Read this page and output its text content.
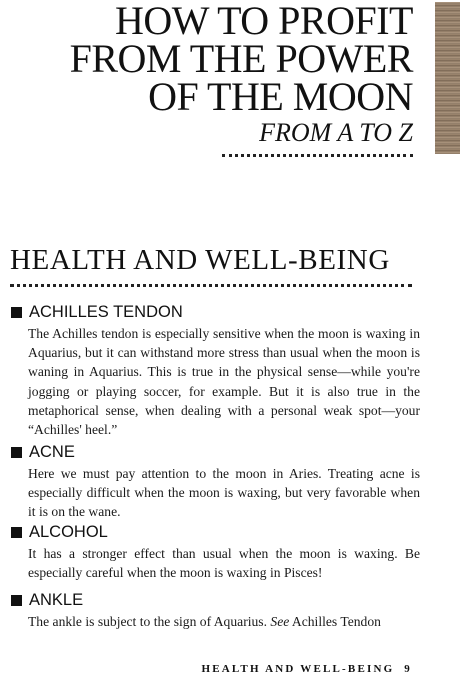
HOW TO PROFIT
FROM THE POWER
OF THE MOON
FROM A TO Z
HEALTH AND WELL-BEING
ACHILLES TENDON
The Achilles tendon is especially sensitive when the moon is waxing in Aquarius, but it can withstand more stress than usual when the moon is waning in Aquarius. This is true in the physical sense—while you're jogging or playing soccer, for example. But it is also true in the metaphorical sense, when dealing with a personal weak spot—your “Achilles' heel.”
ACNE
Here we must pay attention to the moon in Aries. Treating acne is especially difficult when the moon is waxing, but very favorable when it is on the wane.
ALCOHOL
It has a stronger effect than usual when the moon is waxing. Be especially careful when the moon is waxing in Pisces!
ANKLE
The ankle is subject to the sign of Aquarius. See Achilles Tendon
HEALTH AND WELL-BEING 9
